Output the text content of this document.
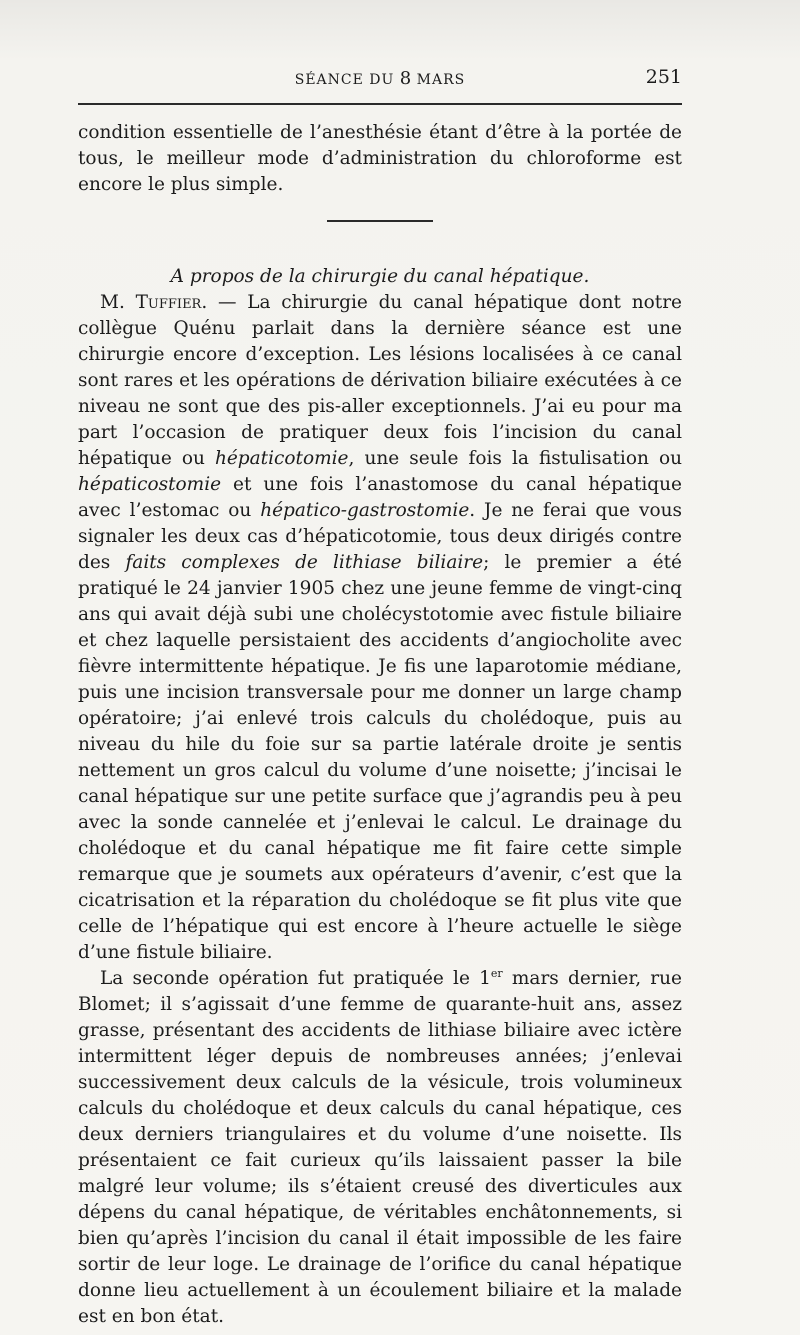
SÉANCE DU 8 MARS	251

condition essentielle de l’anesthésie étant d’être à la portée de tous, le meilleur mode d’administration du chloroforme est encore le plus simple.

A propos de la chirurgie du canal hépatique.

M. Tuffier. — La chirurgie du canal hépatique dont notre collègue Quénu parlait dans la dernière séance est une chirurgie encore d’exception. Les lésions localisées à ce canal sont rares et les opérations de dérivation biliaire exécutées à ce niveau ne sont que des pis-aller exceptionnels. J’ai eu pour ma part l’occasion de pratiquer deux fois l’incision du canal hépatique ou hépaticotomie, une seule fois la fistulisation ou hépaticostomie et une fois l’anastomose du canal hépatique avec l’estomac ou hépatico-gastrostomie. Je ne ferai que vous signaler les deux cas d’hépaticotomie, tous deux dirigés contre des faits complexes de lithiase biliaire; le premier a été pratiqué le 24 janvier 1905 chez une jeune femme de vingt-cinq ans qui avait déjà subi une cholécystotomie avec fistule biliaire et chez laquelle persistaient des accidents d’angiocholite avec fièvre intermittente hépatique. Je fis une laparotomie médiane, puis une incision transversale pour me donner un large champ opératoire; j’ai enlevé trois calculs du cholédoque, puis au niveau du hile du foie sur sa partie latérale droite je sentis nettement un gros calcul du volume d’une noisette; j’incisai le canal hépatique sur une petite surface que j’agrandis peu à peu avec la sonde cannelée et j’enlevai le calcul. Le drainage du cholédoque et du canal hépatique me fit faire cette simple remarque que je soumets aux opérateurs d’avenir, c’est que la cicatrisation et la réparation du cholédoque se fit plus vite que celle de l’hépatique qui est encore à l’heure actuelle le siège d’une fistule biliaire.

La seconde opération fut pratiquée le 1er mars dernier, rue Blomet; il s’agissait d’une femme de quarante-huit ans, assez grasse, présentant des accidents de lithiase biliaire avec ictère intermittent léger depuis de nombreuses années; j’enlevai successivement deux calculs de la vésicule, trois volumineux calculs du cholédoque et deux calculs du canal hépatique, ces deux derniers triangulaires et du volume d’une noisette. Ils présentaient ce fait curieux qu’ils laissaient passer la bile malgré leur volume; ils s’étaient creusé des diverticules aux dépens du canal hépatique, de véritables enchâtonnements, si bien qu’après l’incision du canal il était impossible de les faire sortir de leur loge. Le drainage de l’orifice du canal hépatique donne lieu actuellement à un écoulement biliaire et la malade est en bon état.
